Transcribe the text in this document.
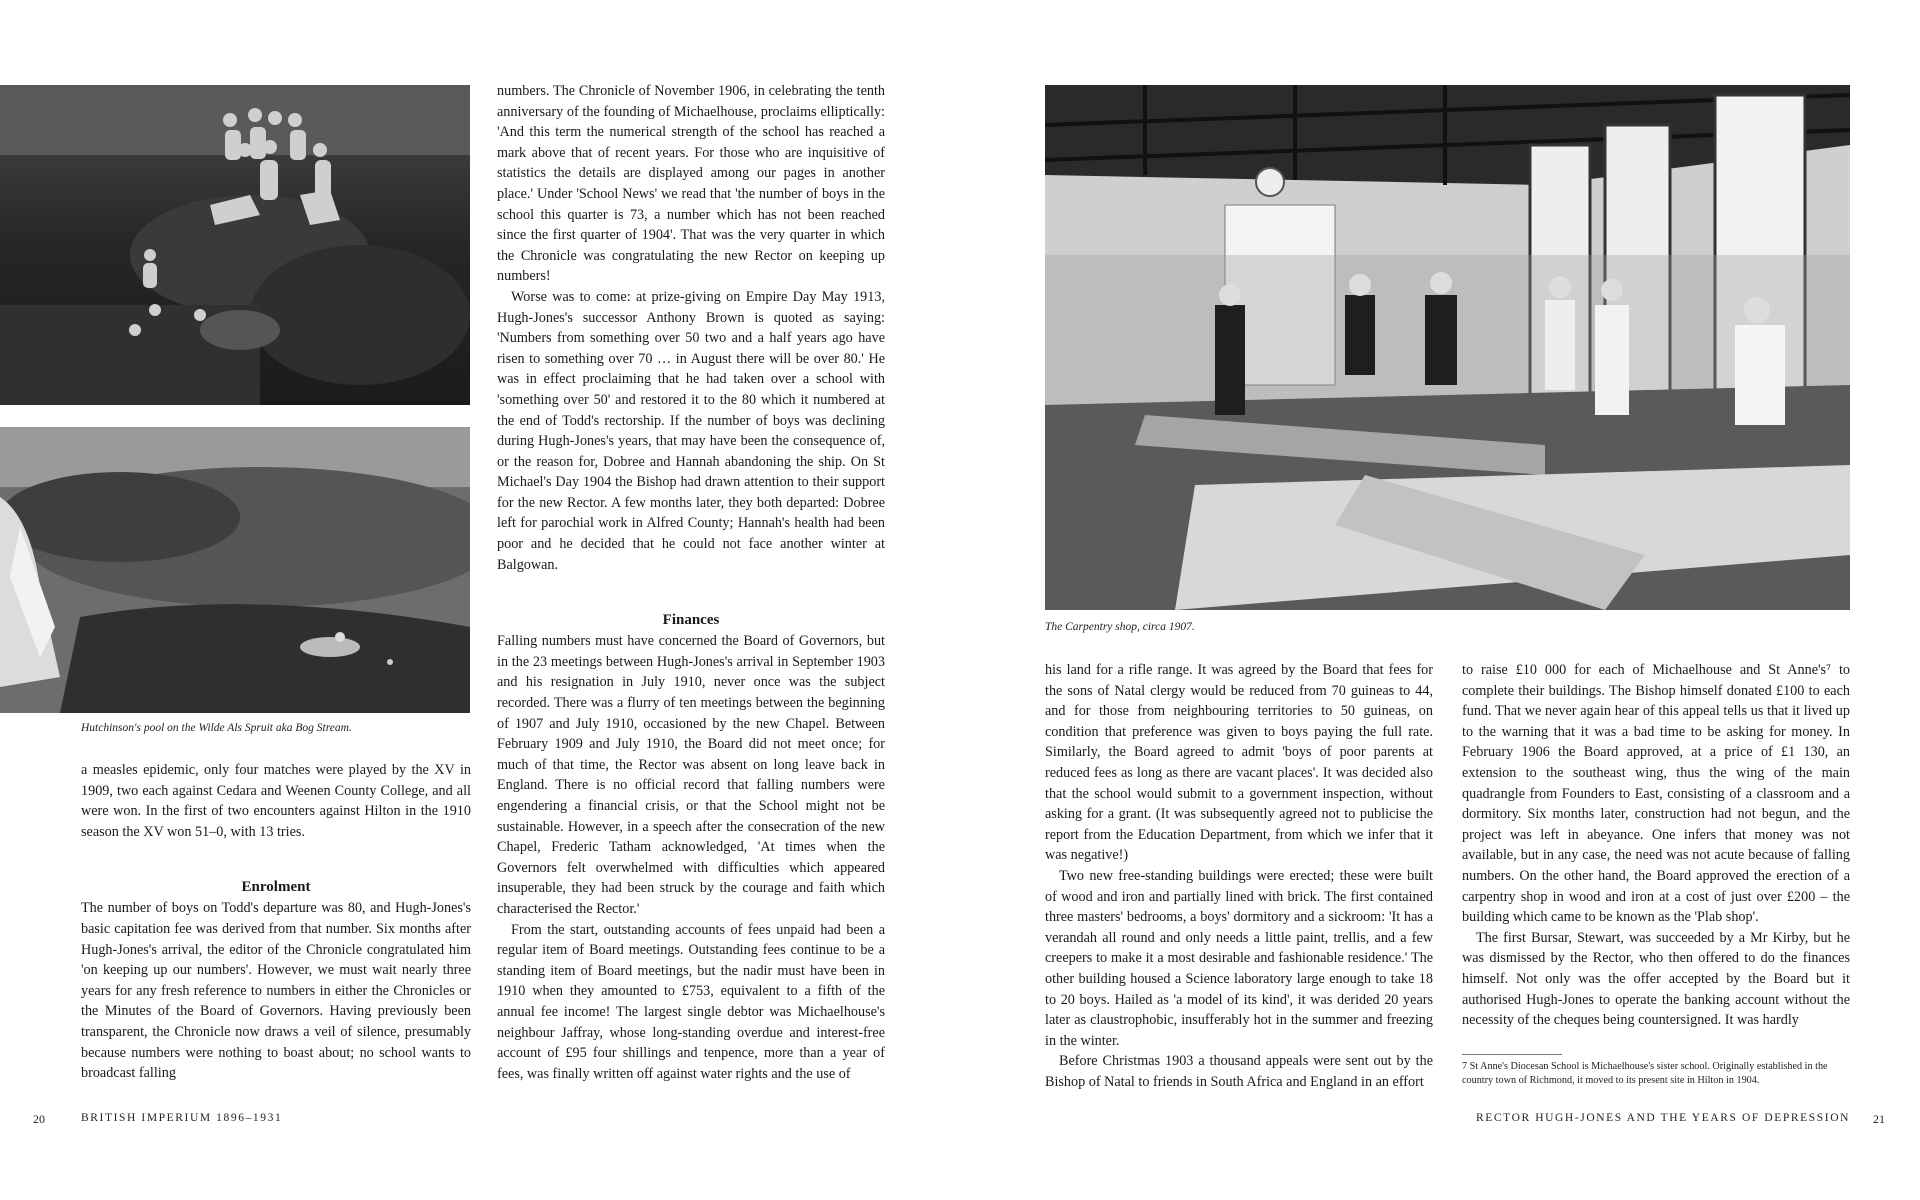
Hutchinson's pool on the Wilde Als Spruit aka Bog Stream.

a measles epidemic, only four matches were played by the XV in 1909, two each against Cedara and Weenen County College, and all were won. In the first of two encounters against Hilton in the 1910 season the XV won 51–0, with 13 tries.

Enrolment

The number of boys on Todd's departure was 80, and Hugh-Jones's basic capitation fee was derived from that number. Six months after Hugh-Jones's arrival, the editor of the Chronicle congratulated him 'on keeping up our numbers'. However, we must wait nearly three years for any fresh reference to numbers in either the Chronicles or the Minutes of the Board of Governors. Having previously been transparent, the Chronicle now draws a veil of silence, presumably because numbers were nothing to boast about; no school wants to broadcast falling

numbers. The Chronicle of November 1906, in celebrating the tenth anniversary of the founding of Michaelhouse, proclaims elliptically: 'And this term the numerical strength of the school has reached a mark above that of recent years. For those who are inquisitive of statistics the details are displayed among our pages in another place.' Under 'School News' we read that 'the number of boys in the school this quarter is 73, a number which has not been reached since the first quarter of 1904'. That was the very quarter in which the Chronicle was congratulating the new Rector on keeping up numbers!

Worse was to come: at prize-giving on Empire Day May 1913, Hugh-Jones's successor Anthony Brown is quoted as saying: 'Numbers from something over 50 two and a half years ago have risen to something over 70 … in August there will be over 80.' He was in effect proclaiming that he had taken over a school with 'something over 50' and restored it to the 80 which it numbered at the end of Todd's rectorship. If the number of boys was declining during Hugh-Jones's years, that may have been the consequence of, or the reason for, Dobree and Hannah abandoning the ship. On St Michael's Day 1904 the Bishop had drawn attention to their support for the new Rector. A few months later, they both departed: Dobree left for parochial work in Alfred County; Hannah's health had been poor and he decided that he could not face another winter at Balgowan.

Finances

Falling numbers must have concerned the Board of Governors, but in the 23 meetings between Hugh-Jones's arrival in September 1903 and his resignation in July 1910, never once was the subject recorded. There was a flurry of ten meetings between the beginning of 1907 and July 1910, occasioned by the new Chapel. Between February 1909 and July 1910, the Board did not meet once; for much of that time, the Rector was absent on long leave back in England. There is no official record that falling numbers were engendering a financial crisis, or that the School might not be sustainable. However, in a speech after the consecration of the new Chapel, Frederic Tatham acknowledged, 'At times when the Governors felt overwhelmed with difficulties which appeared insuperable, they had been struck by the courage and faith which characterised the Rector.'

From the start, outstanding accounts of fees unpaid had been a regular item of Board meetings. Outstanding fees continue to be a standing item of Board meetings, but the nadir must have been in 1910 when they amounted to £753, equivalent to a fifth of the annual fee income! The largest single debtor was Michaelhouse's neighbour Jaffray, whose long-standing overdue and interest-free account of £95 four shillings and tenpence, more than a year of fees, was finally written off against water rights and the use of

20	BRITISH IMPERIUM 1896–1931
The Carpentry shop, circa 1907.

his land for a rifle range. It was agreed by the Board that fees for the sons of Natal clergy would be reduced from 70 guineas to 44, and for those from neighbouring territories to 50 guineas, on condition that preference was given to boys paying the full rate. Similarly, the Board agreed to admit 'boys of poor parents at reduced fees as long as there are vacant places'. It was decided also that the school would submit to a government inspection, without asking for a grant. (It was subsequently agreed not to publicise the report from the Education Department, from which we infer that it was negative!)

Two new free-standing buildings were erected; these were built of wood and iron and partially lined with brick. The first contained three masters' bedrooms, a boys' dormitory and a sickroom: 'It has a verandah all round and only needs a little paint, trellis, and a few creepers to make it a most desirable and fashionable residence.' The other building housed a Science laboratory large enough to take 18 to 20 boys. Hailed as 'a model of its kind', it was derided 20 years later as claustrophobic, insufferably hot in the summer and freezing in the winter.

Before Christmas 1903 a thousand appeals were sent out by the Bishop of Natal to friends in South Africa and England in an effort

to raise £10 000 for each of Michaelhouse and St Anne's⁷ to complete their buildings. The Bishop himself donated £100 to each fund. That we never again hear of this appeal tells us that it lived up to the warning that it was a bad time to be asking for money. In February 1906 the Board approved, at a price of £1 130, an extension to the southeast wing, thus the wing of the main quadrangle from Founders to East, consisting of a classroom and a dormitory. Six months later, construction had not begun, and the project was left in abeyance. One infers that money was not available, but in any case, the need was not acute because of falling numbers. On the other hand, the Board approved the erection of a carpentry shop in wood and iron at a cost of just over £200 – the building which came to be known as the 'Plab shop'.

The first Bursar, Stewart, was succeeded by a Mr Kirby, but he was dismissed by the Rector, who then offered to do the finances himself. Not only was the offer accepted by the Board but it authorised Hugh-Jones to operate the banking account without the necessity of the cheques being countersigned. It was hardly

7 St Anne's Diocesan School is Michaelhouse's sister school. Originally established in the country town of Richmond, it moved to its present site in Hilton in 1904.
RECTOR HUGH-JONES AND THE YEARS OF DEPRESSION 21
